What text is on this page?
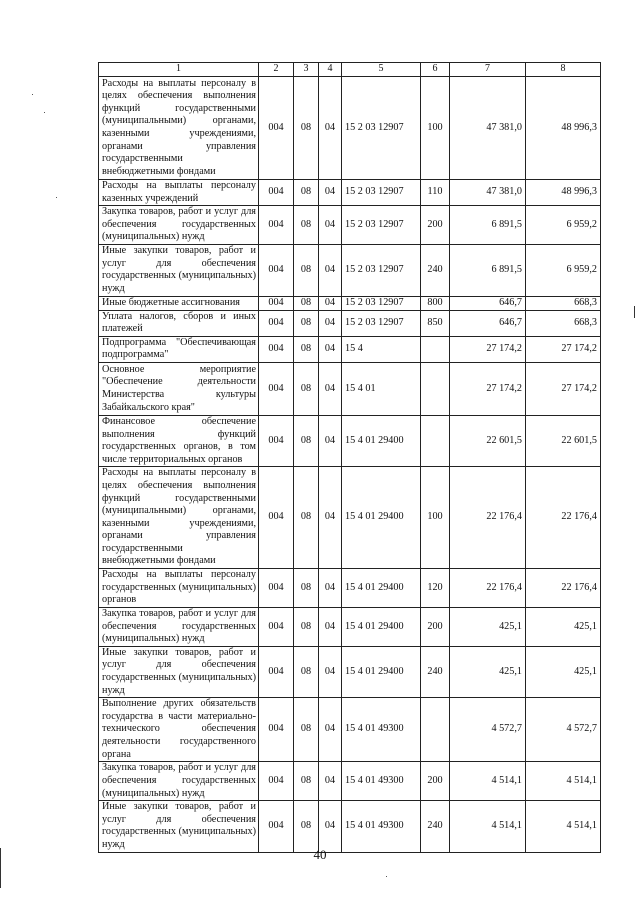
1	2	3	4	5	6	7	8
Расходы на выплаты персоналу в целях обеспечения выполнения функций государственными (муниципальными) органами, казенными учреждениями, органами управления государственными внебюджетными фондами	004	08	04	15 2 03 12907	100	47 381,0	48 996,3
Расходы на выплаты персоналу казенных учреждений	004	08	04	15 2 03 12907	110	47 381,0	48 996,3
Закупка товаров, работ и услуг для обеспечения государственных (муниципальных) нужд	004	08	04	15 2 03 12907	200	6 891,5	6 959,2
Иные закупки товаров, работ и услуг для обеспечения государственных (муниципальных) нужд	004	08	04	15 2 03 12907	240	6 891,5	6 959,2
Иные бюджетные ассигнования	004	08	04	15 2 03 12907	800	646,7	668,3
Уплата налогов, сборов и иных платежей	004	08	04	15 2 03 12907	850	646,7	668,3
Подпрограмма "Обеспечивающая подпрограмма"	004	08	04	15 4		27 174,2	27 174,2
Основное мероприятие "Обеспечение деятельности Министерства культуры Забайкальского края"	004	08	04	15 4 01		27 174,2	27 174,2
Финансовое обеспечение выполнения функций государственных органов, в том числе территориальных органов	004	08	04	15 4 01 29400		22 601,5	22 601,5
Расходы на выплаты персоналу в целях обеспечения выполнения функций государственными (муниципальными) органами, казенными учреждениями, органами управления государственными внебюджетными фондами	004	08	04	15 4 01 29400	100	22 176,4	22 176,4
Расходы на выплаты персоналу государственных (муниципальных) органов	004	08	04	15 4 01 29400	120	22 176,4	22 176,4
Закупка товаров, работ и услуг для обеспечения государственных (муниципальных) нужд	004	08	04	15 4 01 29400	200	425,1	425,1
Иные закупки товаров, работ и услуг для обеспечения государственных (муниципальных) нужд	004	08	04	15 4 01 29400	240	425,1	425,1
Выполнение других обязательств государства в части материально-технического обеспечения деятельности государственного органа	004	08	04	15 4 01 49300		4 572,7	4 572,7
Закупка товаров, работ и услуг для обеспечения государственных (муниципальных) нужд	004	08	04	15 4 01 49300	200	4 514,1	4 514,1
Иные закупки товаров, работ и услуг для обеспечения государственных (муниципальных) нужд	004	08	04	15 4 01 49300	240	4 514,1	4 514,1
40
